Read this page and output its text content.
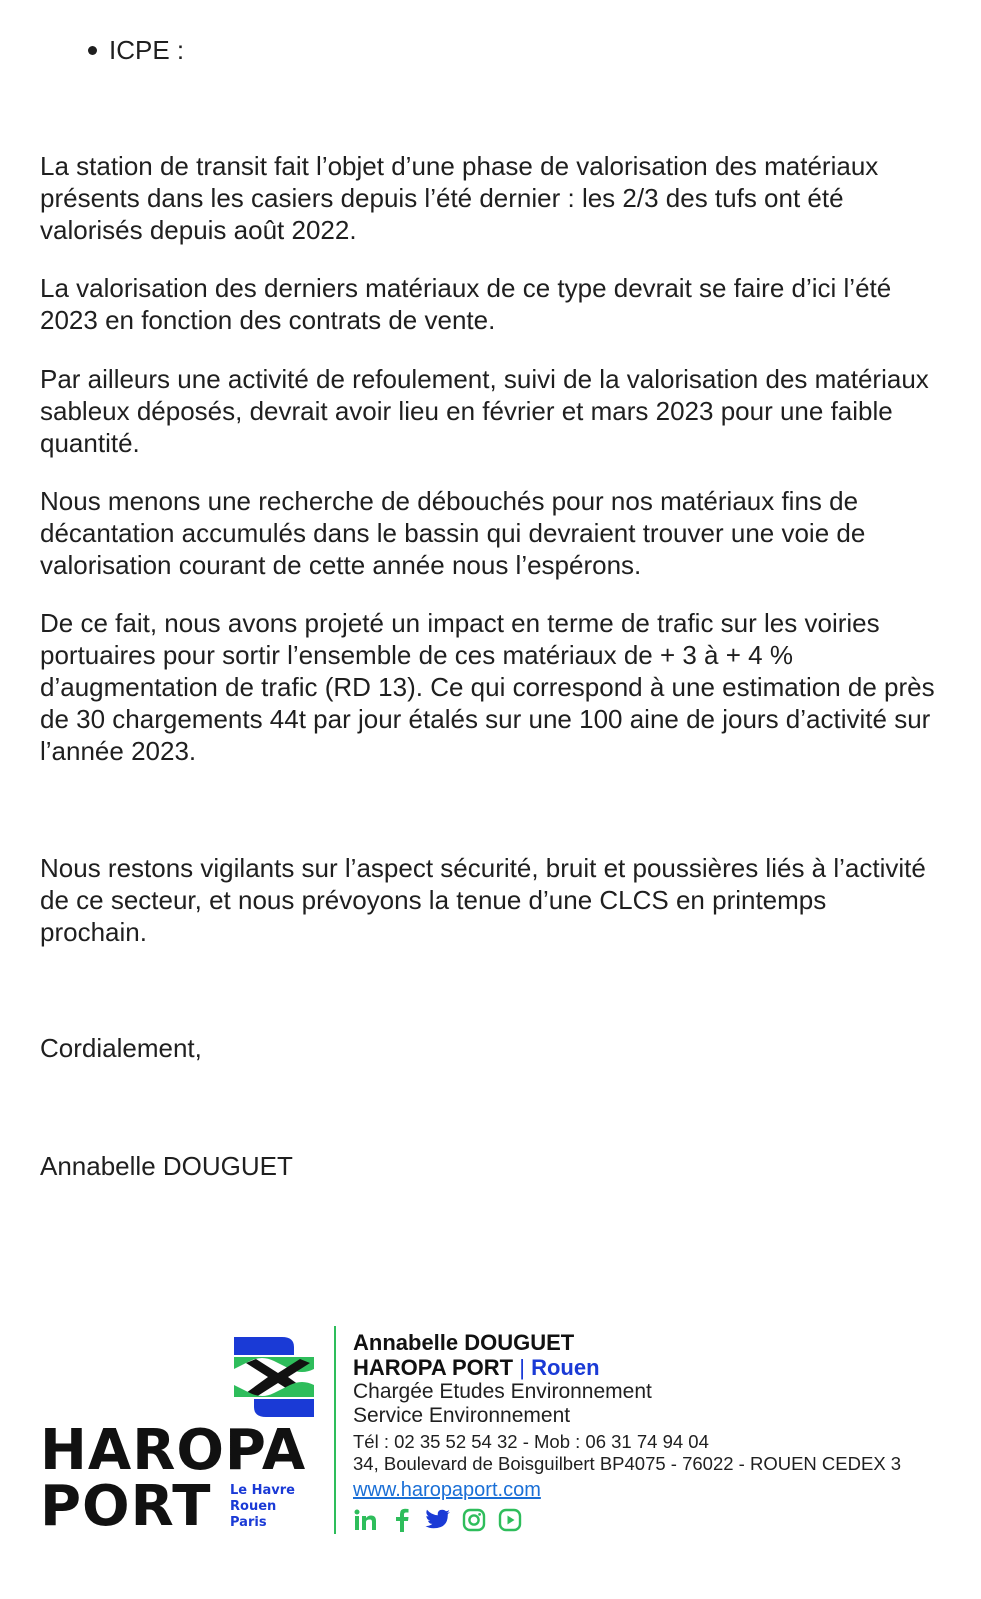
ICPE :

La station de transit fait l’objet d’une phase de valorisation des matériaux présents dans les casiers depuis l’été dernier : les 2/3 des tufs ont été valorisés depuis août 2022.

La valorisation des derniers matériaux de ce type devrait se faire d’ici l’été 2023 en fonction des contrats de vente.

Par ailleurs une activité de refoulement, suivi de la valorisation des matériaux sableux déposés, devrait avoir lieu en février et mars 2023 pour une faible quantité.

Nous menons une recherche de débouchés pour nos matériaux fins de décantation accumulés dans le bassin qui devraient trouver une voie de valorisation courant de cette année nous l’espérons.

De ce fait, nous avons projeté un impact en terme de trafic sur les voiries portuaires pour sortir l’ensemble de ces matériaux de + 3 à + 4 % d’augmentation de trafic (RD 13). Ce qui correspond à une estimation de près de 30 chargements 44t par jour étalés sur une 100 aine de jours d’activité sur l’année 2023.

Nous restons vigilants sur l’aspect sécurité, bruit et poussières liés à l’activité de ce secteur, et nous prévoyons la tenue d’une CLCS en printemps prochain.

Cordialement,

Annabelle DOUGUET

HAROPA
PORT Le Havre
Rouen
Paris
Annabelle DOUGUET
HAROPA PORT | Rouen
Chargée Etudes Environnement
Service Environnement
Tél : 02 35 52 54 32 - Mob : 06 31 74 94 04
34, Boulevard de Boisguilbert BP4075 - 76022 - ROUEN CEDEX 3
www.haropaport.com
